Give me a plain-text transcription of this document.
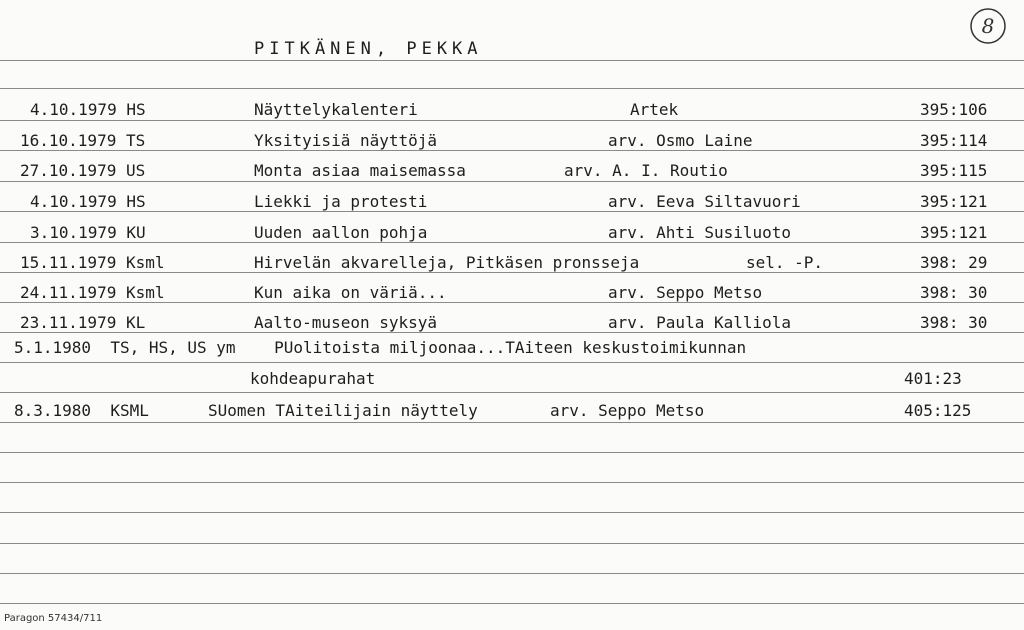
PITKÄNEN, PEKKA
8
4.10.1979 HS	Näyttelykalenteri	Artek	395:106
16.10.1979 TS	Yksityisiä näyttöjä	arv. Osmo Laine	395:114
27.10.1979 US	Monta asiaa maisemassa	arv. A. I. Routio	395:115
4.10.1979 HS	Liekki ja protesti	arv. Eeva Siltavuori	395:121
3.10.1979 KU	Uuden aallon pohja	arv. Ahti Susiluoto	395:121
15.11.1979 Ksml	Hirvelän akvarelleja, Pitkäsen pronsseja	sel. -P.	398: 29
24.11.1979 Ksml	Kun aika on väriä...	arv. Seppo Metso	398: 30
23.11.1979 KL	Aalto-museon syksyä	arv. Paula Kalliola	398: 30
5.1.1980  TS, HS, US ym    PUolitoista miljoonaa...TAiteen keskustoimikunnan
kohdeapurahat	401:23
8.3.1980  KSML	SUomen TAiteilijain näyttely	arv. Seppo Metso	405:125
Paragon 57434/711
